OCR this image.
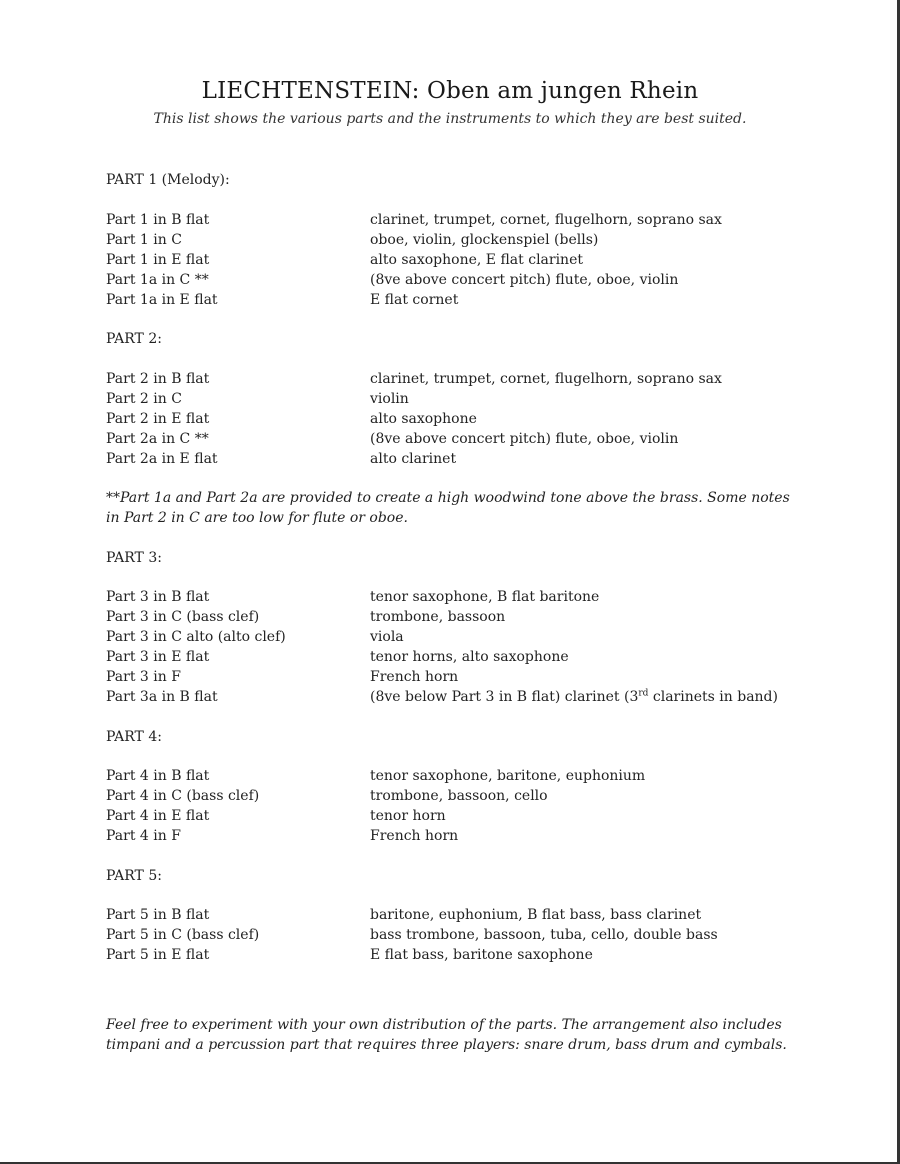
LIECHTENSTEIN: Oben am jungen Rhein
This list shows the various parts and the instruments to which they are best suited.
PART 1 (Melody):
Part 1 in B flat	clarinet, trumpet, cornet, flugelhorn, soprano sax
Part 1 in C	oboe, violin, glockenspiel (bells)
Part 1 in E flat	alto saxophone, E flat clarinet
Part 1a in C **	(8ve above concert pitch) flute, oboe, violin
Part 1a in E flat	E flat cornet
PART 2:
Part 2 in B flat	clarinet, trumpet, cornet, flugelhorn, soprano sax
Part 2 in C	violin
Part 2 in E flat	alto saxophone
Part 2a in C **	(8ve above concert pitch) flute, oboe, violin
Part 2a in E flat	alto clarinet
**Part 1a and Part 2a are provided to create a high woodwind tone above the brass. Some notes in Part 2 in C are too low for flute or oboe.
PART 3:
Part 3 in B flat	tenor saxophone, B flat baritone
Part 3 in C (bass clef)	trombone, bassoon
Part 3 in C alto (alto clef)	viola
Part 3 in E flat	tenor horns, alto saxophone
Part 3 in F	French horn
Part 3a in B flat	(8ve below Part 3 in B flat) clarinet (3rd clarinets in band)
PART 4:
Part 4 in B flat	tenor saxophone, baritone, euphonium
Part 4 in C (bass clef)	trombone, bassoon, cello
Part 4 in E flat	tenor horn
Part 4 in F	French horn
PART 5:
Part 5 in B flat	baritone, euphonium, B flat bass, bass clarinet
Part 5 in C (bass clef)	bass trombone, bassoon, tuba, cello, double bass
Part 5 in E flat	E flat bass, baritone saxophone
Feel free to experiment with your own distribution of the parts. The arrangement also includes timpani and a percussion part that requires three players: snare drum, bass drum and cymbals.
